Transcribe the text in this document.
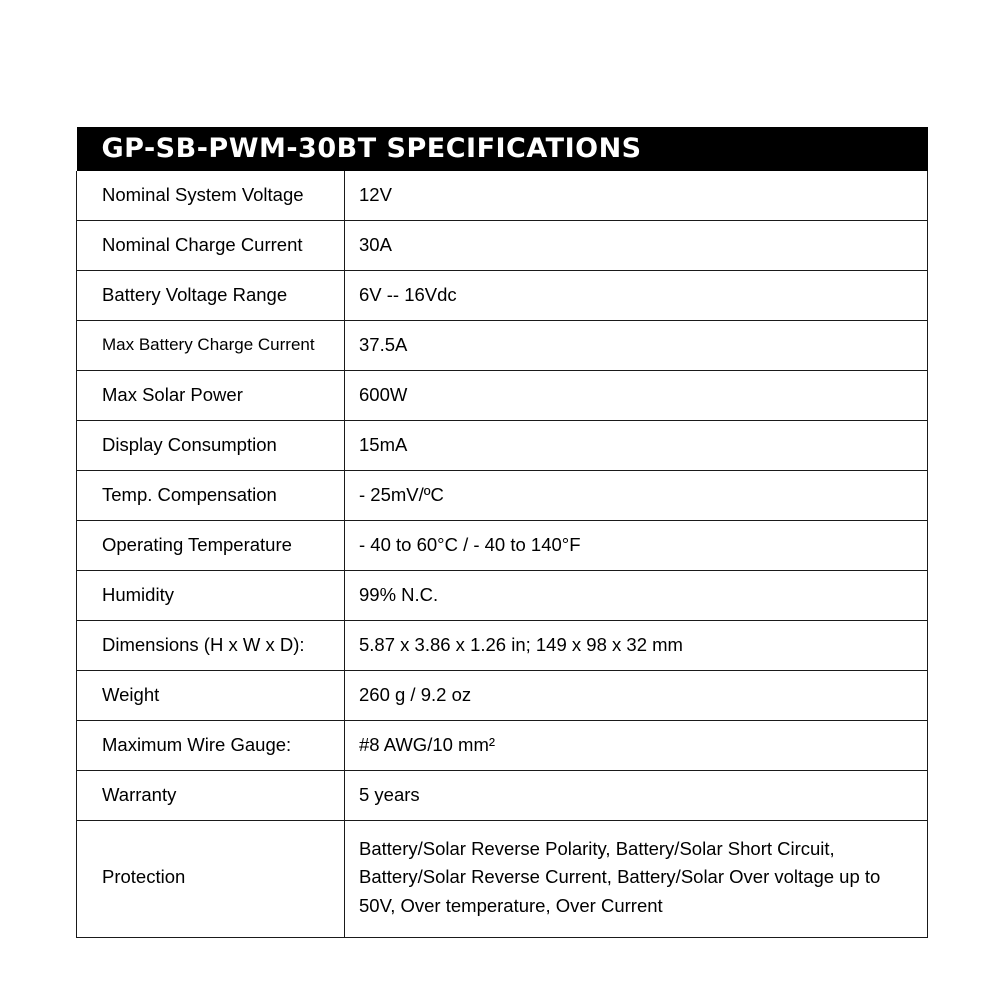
GP-SB-PWM-30BT SPECIFICATIONS	

Nominal System Voltage	12V
Nominal Charge Current	30A
Battery Voltage Range	6V -- 16Vdc
Max Battery Charge Current	37.5A
Max Solar Power	600W
Display Consumption	15mA
Temp. Compensation	- 25mV/ºC
Operating Temperature	- 40 to 60°C / - 40 to 140°F
Humidity	99% N.C.
Dimensions (H x W x D):	5.87 x 3.86 x 1.26 in; 149 x 98 x 32 mm
Weight	260 g / 9.2 oz
Maximum Wire Gauge:	#8 AWG/10 mm²
Warranty	5 years
Protection	Battery/Solar Reverse Polarity, Battery/Solar Short Circuit, Battery/Solar Reverse Current, Battery/Solar Over voltage up to 50V, Over temperature, Over Current
